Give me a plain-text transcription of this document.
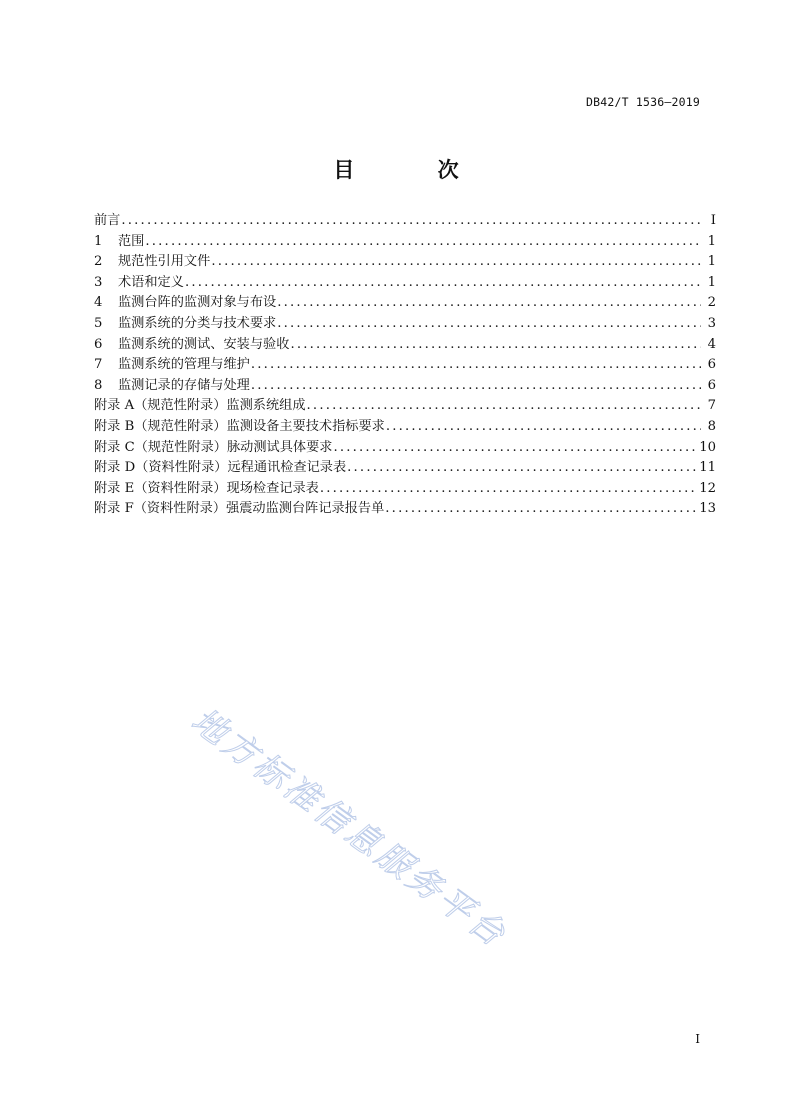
DB42/T 1536—2019
目 次
前言 .....	I
1	范围 .....	1
2	规范性引用文件 .....	1
3	术语和定义 .....	1
4	监测台阵的监测对象与布设 .....	2
5	监测系统的分类与技术要求 .....	3
6	监测系统的测试、安装与验收 .....	4
7	监测系统的管理与维护 .....	6
8	监测记录的存储与处理 .....	6
附录 A（规范性附录）监测系统组成 .....	7
附录 B（规范性附录）监测设备主要技术指标要求 .....	8
附录 C（规范性附录）脉动测试具体要求 .....	10
附录 D（资料性附录）远程通讯检查记录表 .....	11
附录 E（资料性附录）现场检查记录表 .....	12
附录 F（资料性附录）强震动监测台阵记录报告单 .....	13
地方标准信息服务平台
I
